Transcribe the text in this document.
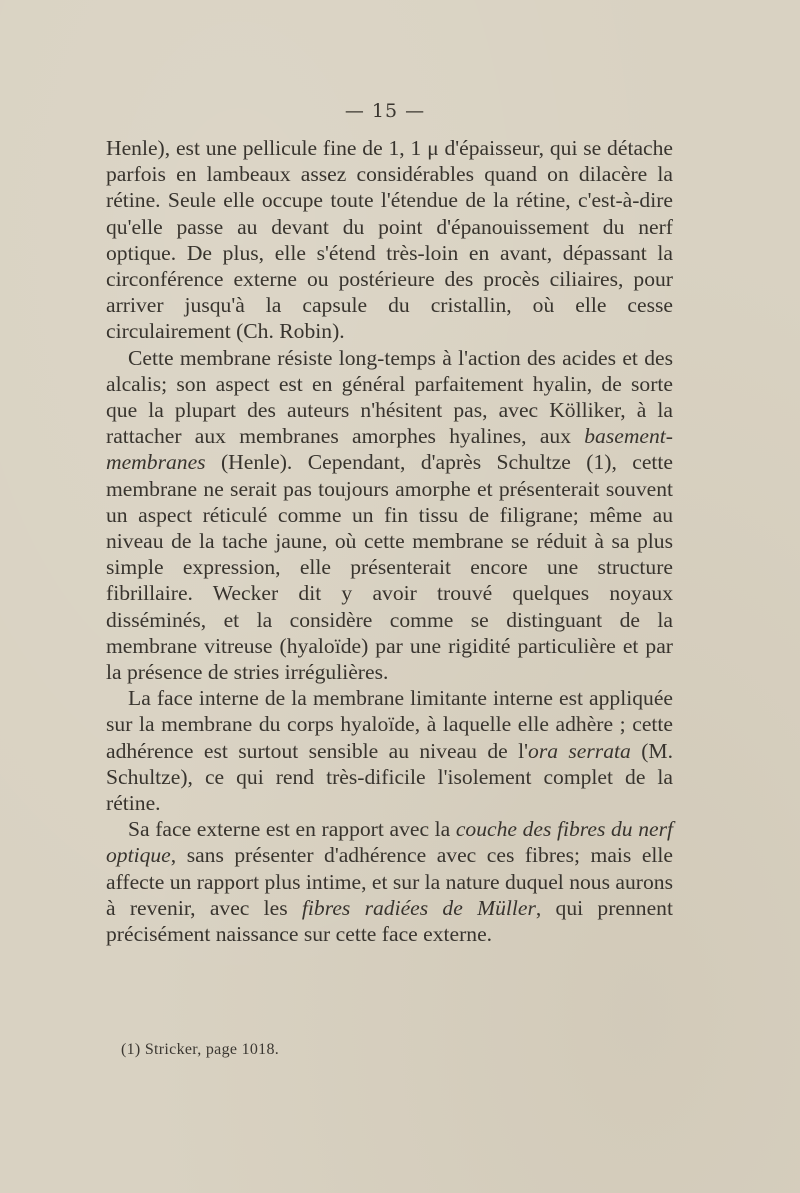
— 15 —

Henle), est une pellicule fine de 1, 1 μ d'épaisseur, qui se détache parfois en lambeaux assez considérables quand on dilacère la rétine. Seule elle occupe toute l'étendue de la rétine, c'est-à-dire qu'elle passe au devant du point d'épanouissement du nerf optique. De plus, elle s'étend très-loin en avant, dépassant la circonférence externe ou postérieure des procès ciliaires, pour arriver jusqu'à la capsule du cristallin, où elle cesse circulairement (Ch. Robin).

Cette membrane résiste long-temps à l'action des acides et des alcalis; son aspect est en général parfaitement hyalin, de sorte que la plupart des auteurs n'hésitent pas, avec Kölliker, à la rattacher aux membranes amorphes hyalines, aux basement-membranes (Henle). Cependant, d'après Schultze (1), cette membrane ne serait pas toujours amorphe et présenterait souvent un aspect réticulé comme un fin tissu de filigrane; même au niveau de la tache jaune, où cette membrane se réduit à sa plus simple expression, elle présenterait encore une structure fibrillaire. Wecker dit y avoir trouvé quelques noyaux disséminés, et la considère comme se distinguant de la membrane vitreuse (hyaloïde) par une rigidité particulière et par la présence de stries irrégulières.

La face interne de la membrane limitante interne est appliquée sur la membrane du corps hyaloïde, à laquelle elle adhère ; cette adhérence est surtout sensible au niveau de l'ora serrata (M. Schultze), ce qui rend très-dificile l'isolement complet de la rétine.

Sa face externe est en rapport avec la couche des fibres du nerf optique, sans présenter d'adhérence avec ces fibres; mais elle affecte un rapport plus intime, et sur la nature duquel nous aurons à revenir, avec les fibres radiées de Müller, qui prennent précisément naissance sur cette face externe.

(1) Stricker, page 1018.
